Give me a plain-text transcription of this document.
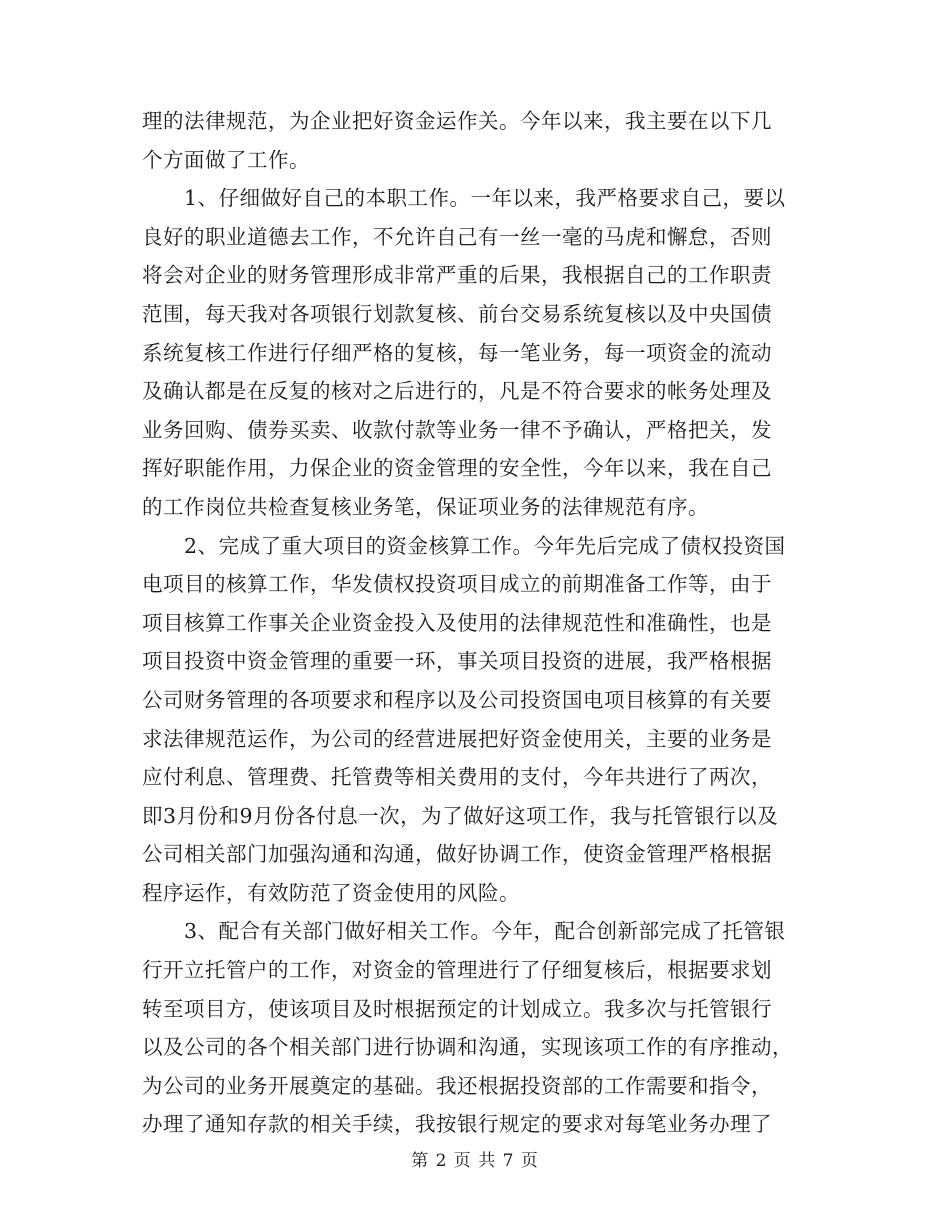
理的法律规范，为企业把好资金运作关。今年以来，我主要在以下几
个方面做了工作。
　　1、仔细做好自己的本职工作。一年以来，我严格要求自己，要以
良好的职业道德去工作，不允许自己有一丝一毫的马虎和懈怠，否则
将会对企业的财务管理形成非常严重的后果，我根据自己的工作职责
范围，每天我对各项银行划款复核、前台交易系统复核以及中央国债
系统复核工作进行仔细严格的复核，每一笔业务，每一项资金的流动
及确认都是在反复的核对之后进行的，凡是不符合要求的帐务处理及
业务回购、债券买卖、收款付款等业务一律不予确认，严格把关，发
挥好职能作用，力保企业的资金管理的安全性，今年以来，我在自己
的工作岗位共检查复核业务笔，保证项业务的法律规范有序。
　　2、完成了重大项目的资金核算工作。今年先后完成了债权投资国
电项目的核算工作，华发债权投资项目成立的前期准备工作等，由于
项目核算工作事关企业资金投入及使用的法律规范性和准确性，也是
项目投资中资金管理的重要一环，事关项目投资的进展，我严格根据
公司财务管理的各项要求和程序以及公司投资国电项目核算的有关要
求法律规范运作，为公司的经营进展把好资金使用关，主要的业务是
应付利息、管理费、托管费等相关费用的支付，今年共进行了两次，
即3月份和9月份各付息一次，为了做好这项工作，我与托管银行以及
公司相关部门加强沟通和沟通，做好协调工作，使资金管理严格根据
程序运作，有效防范了资金使用的风险。
　　3、配合有关部门做好相关工作。今年，配合创新部完成了托管银
行开立托管户的工作，对资金的管理进行了仔细复核后，根据要求划
转至项目方，使该项目及时根据预定的计划成立。我多次与托管银行
以及公司的各个相关部门进行协调和沟通，实现该项工作的有序推动，
为公司的业务开展奠定的基础。我还根据投资部的工作需要和指令，
办理了通知存款的相关手续，我按银行规定的要求对每笔业务办理了
第 2 页 共 7 页
